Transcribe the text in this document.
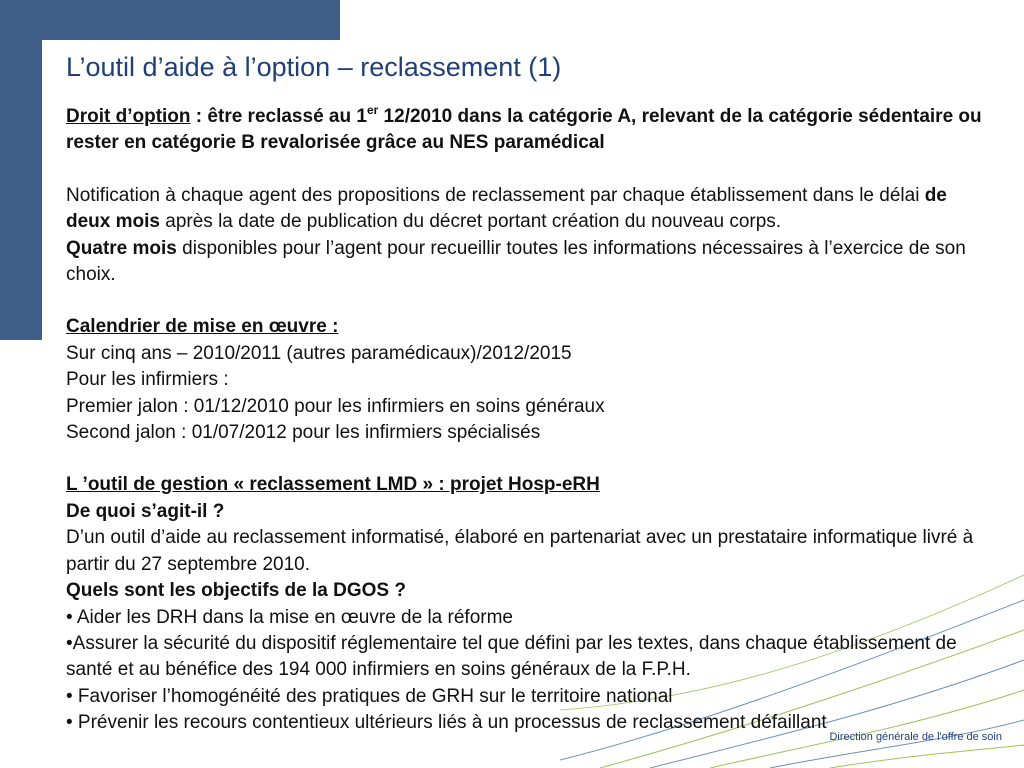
L’outil d’aide à l’option – reclassement (1)

Droit d’option : être reclassé au 1er 12/2010 dans la catégorie A, relevant de la catégorie sédentaire ou rester en catégorie B revalorisée grâce au NES paramédical

Notification à chaque agent des propositions de reclassement par chaque établissement dans le délai de deux mois après la date de publication du décret portant création du nouveau corps.

Quatre mois disponibles pour l’agent pour recueillir toutes les informations nécessaires à l’exercice de son choix.

Calendrier de mise en œuvre :

Sur cinq ans – 2010/2011 (autres paramédicaux)/2012/2015

Pour les infirmiers :

Premier jalon : 01/12/2010 pour les infirmiers en soins généraux

Second jalon : 01/07/2012 pour les infirmiers spécialisés

L ’outil de gestion « reclassement LMD » : projet Hosp-eRH

De quoi s’agit-il ?

D’un outil d’aide au reclassement informatisé, élaboré en partenariat avec un prestataire informatique livré à partir du 27 septembre 2010.

Quels sont les objectifs de la DGOS ?

• Aider les DRH dans la mise en œuvre de la réforme

•Assurer la sécurité du dispositif réglementaire tel que défini par les textes, dans chaque établissement de santé et au bénéfice des 194 000 infirmiers en soins généraux de la F.P.H.

• Favoriser l’homogénéité des pratiques de GRH sur le territoire national

• Prévenir les recours contentieux ultérieurs liés à un processus de reclassement défaillant

Direction générale de l'offre de soin
